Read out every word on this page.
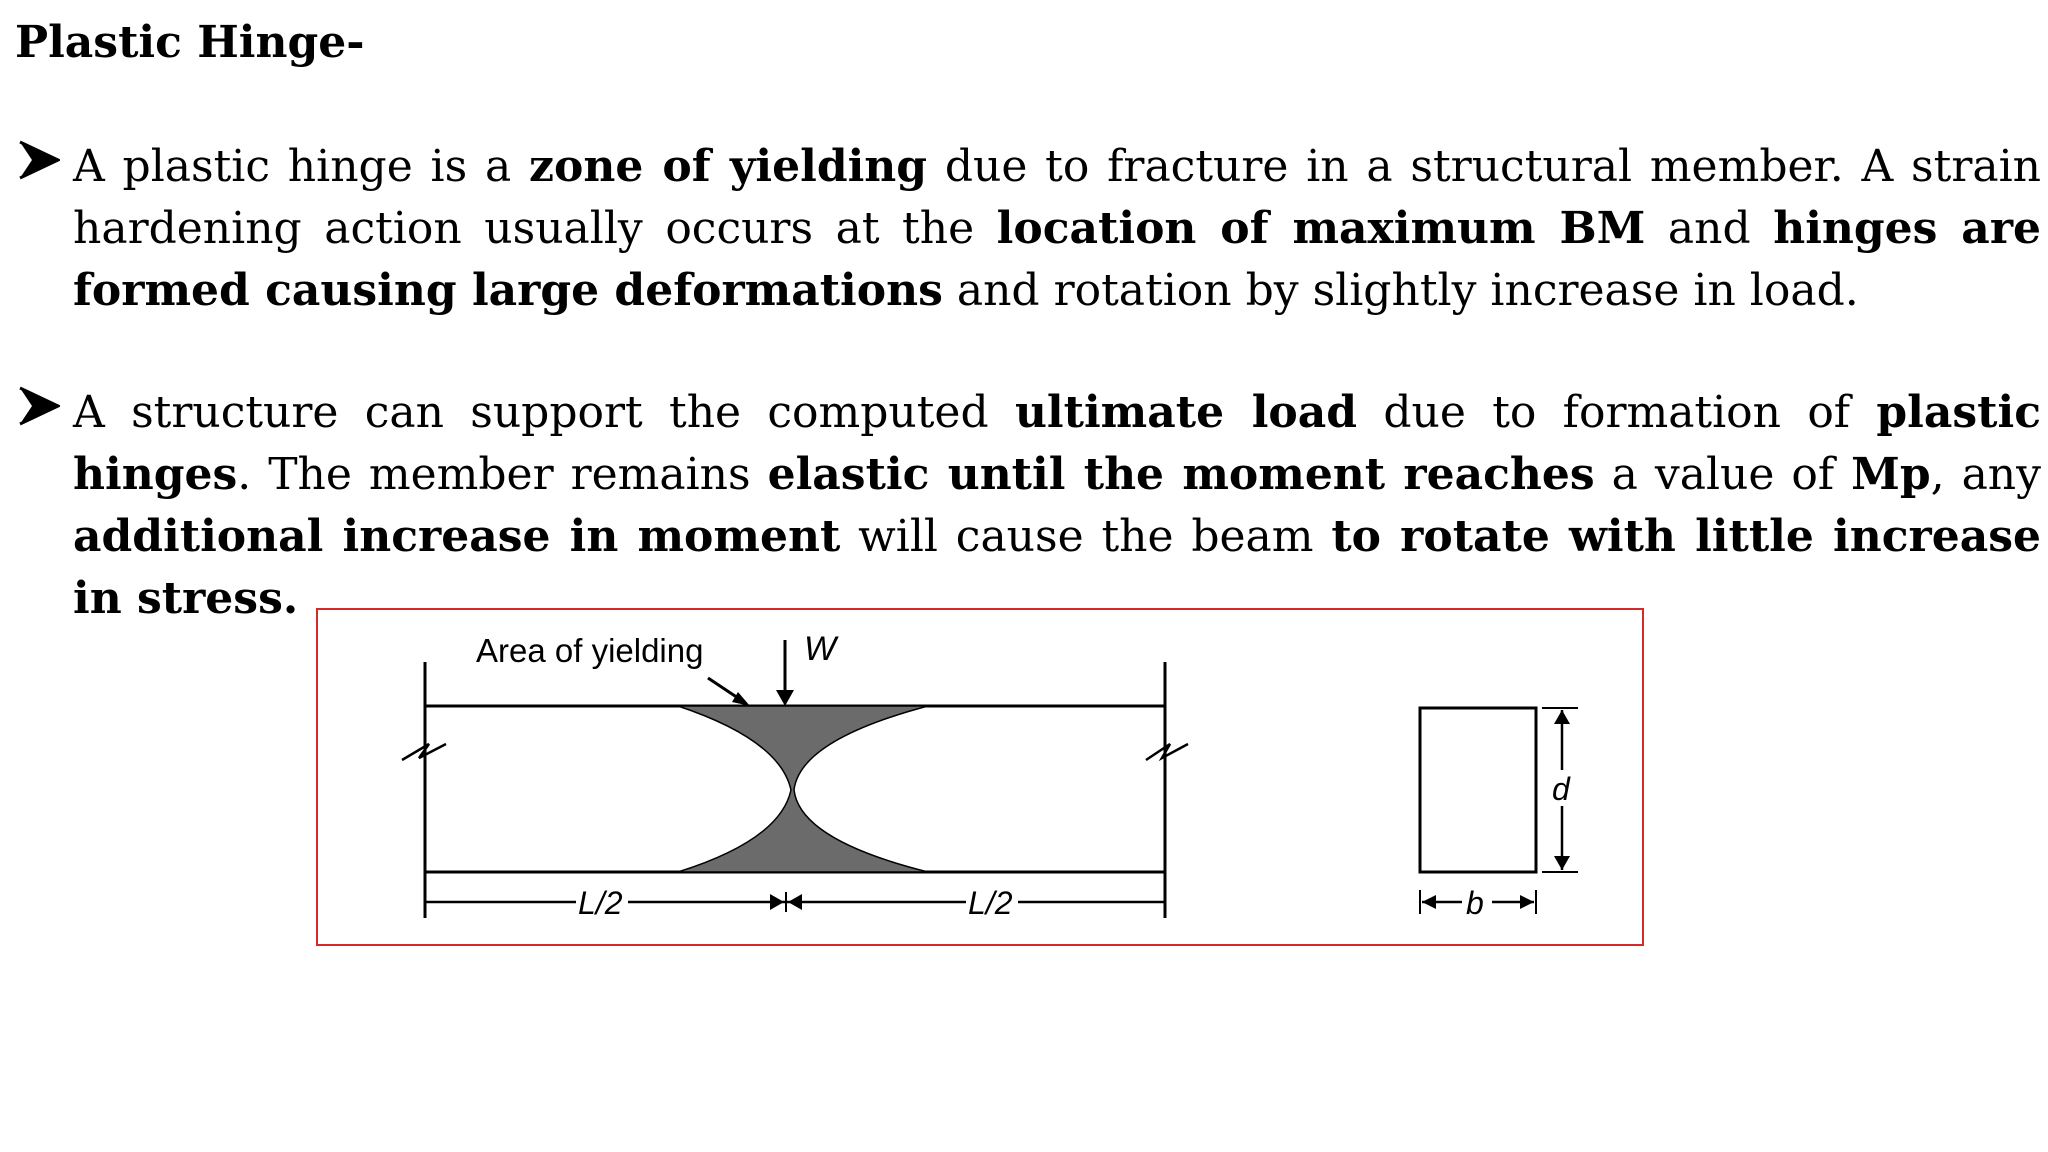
Plastic Hinge-

A plastic hinge is a zone of yielding due to fracture in a structural member. A strain hardening action usually occurs at the location of maximum BM and hinges are formed causing large deformations and rotation by slightly increase in load.

A structure can support the computed ultimate load due to formation of plastic hinges. The member remains elastic until the moment reaches a value of Mp, any additional increase in moment will cause the beam to rotate with little increase in stress.

W
Area of yielding
L/2	L/2
d
b
